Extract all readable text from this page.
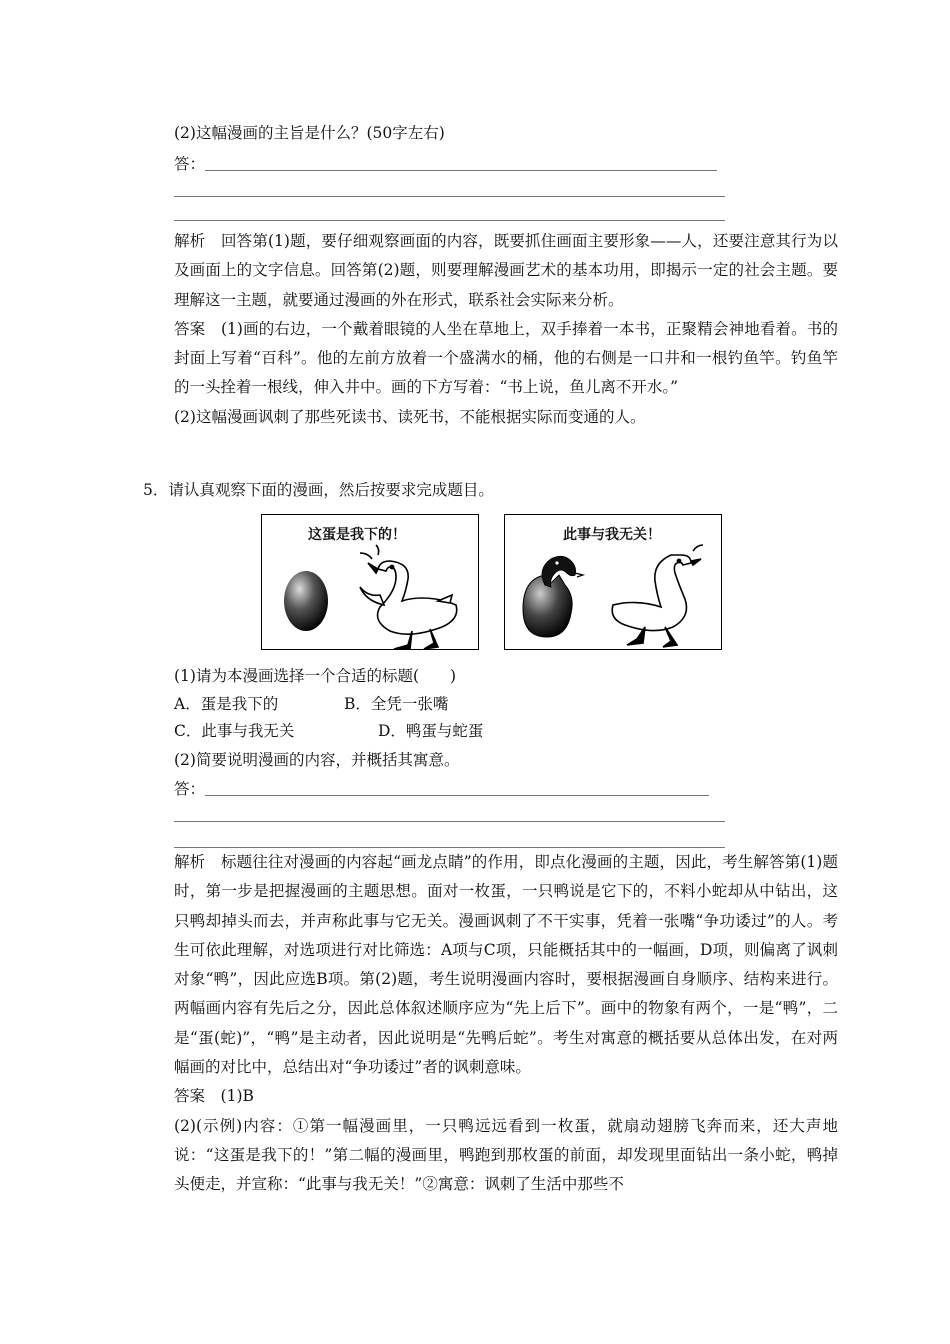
(2)这幅漫画的主旨是什么？(50字左右)
答：

解析　 回答第(1)题，要仔细观察画面的内容，既要抓住画面主要形象——人，还要注意其行为以及画面上的文字信息。回答第(2)题，则要理解漫画艺术的基本功用，即揭示一定的社会主题。要理解这一主题，就要通过漫画的外在形式，联系社会实际来分析。

答案　 (1)画的右边，一个戴着眼镜的人坐在草地上，双手捧着一本书，正聚精会神地看着。书的封面上写着“百科”。他的左前方放着一个盛满水的桶，他的右侧是一口井和一根钓鱼竿。钓鱼竿的一头拴着一根线，伸入井中。画的下方写着：“书上说，鱼儿离不开水。”

(2)这幅漫画讽刺了那些死读书、读死书，不能根据实际而变通的人。

5．请认真观察下面的漫画，然后按要求完成题目。
这蛋是我下的！	此事与我无关！
(1)请为本漫画选择一个合适的标题(　　)
A．蛋是我下的	B．全凭一张嘴
C．此事与我无关	D．鸭蛋与蛇蛋
(2)简要说明漫画的内容，并概括其寓意。
答：

解析　 标题往往对漫画的内容起“画龙点睛”的作用，即点化漫画的主题，因此，考生解答第(1)题时，第一步是把握漫画的主题思想。面对一枚蛋，一只鸭说是它下的，不料小蛇却从中钻出，这只鸭却掉头而去，并声称此事与它无关。漫画讽刺了不干实事，凭着一张嘴“争功诿过”的人。考生可依此理解，对选项进行对比筛选：A项与C项，只能概括其中的一幅画，D项，则偏离了讽刺对象“鸭”，因此应选B项。第(2)题，考生说明漫画内容时，要根据漫画自身顺序、结构来进行。两幅画内容有先后之分，因此总体叙述顺序应为“先上后下”。画中的物象有两个，一是“鸭”，二是“蛋(蛇)”，“鸭”是主动者，因此说明是“先鸭后蛇”。考生对寓意的概括要从总体出发，在对两幅画的对比中，总结出对“争功诿过”者的讽刺意味。

答案　 (1)B

(2)(示例)内容：①第一幅漫画里，一只鸭远远看到一枚蛋，就扇动翅膀飞奔而来，还大声地说：“这蛋是我下的！”第二幅的漫画里，鸭跑到那枚蛋的前面，却发现里面钻出一条小蛇，鸭掉头便走，并宣称：“此事与我无关！”②寓意：讽刺了生活中那些不
